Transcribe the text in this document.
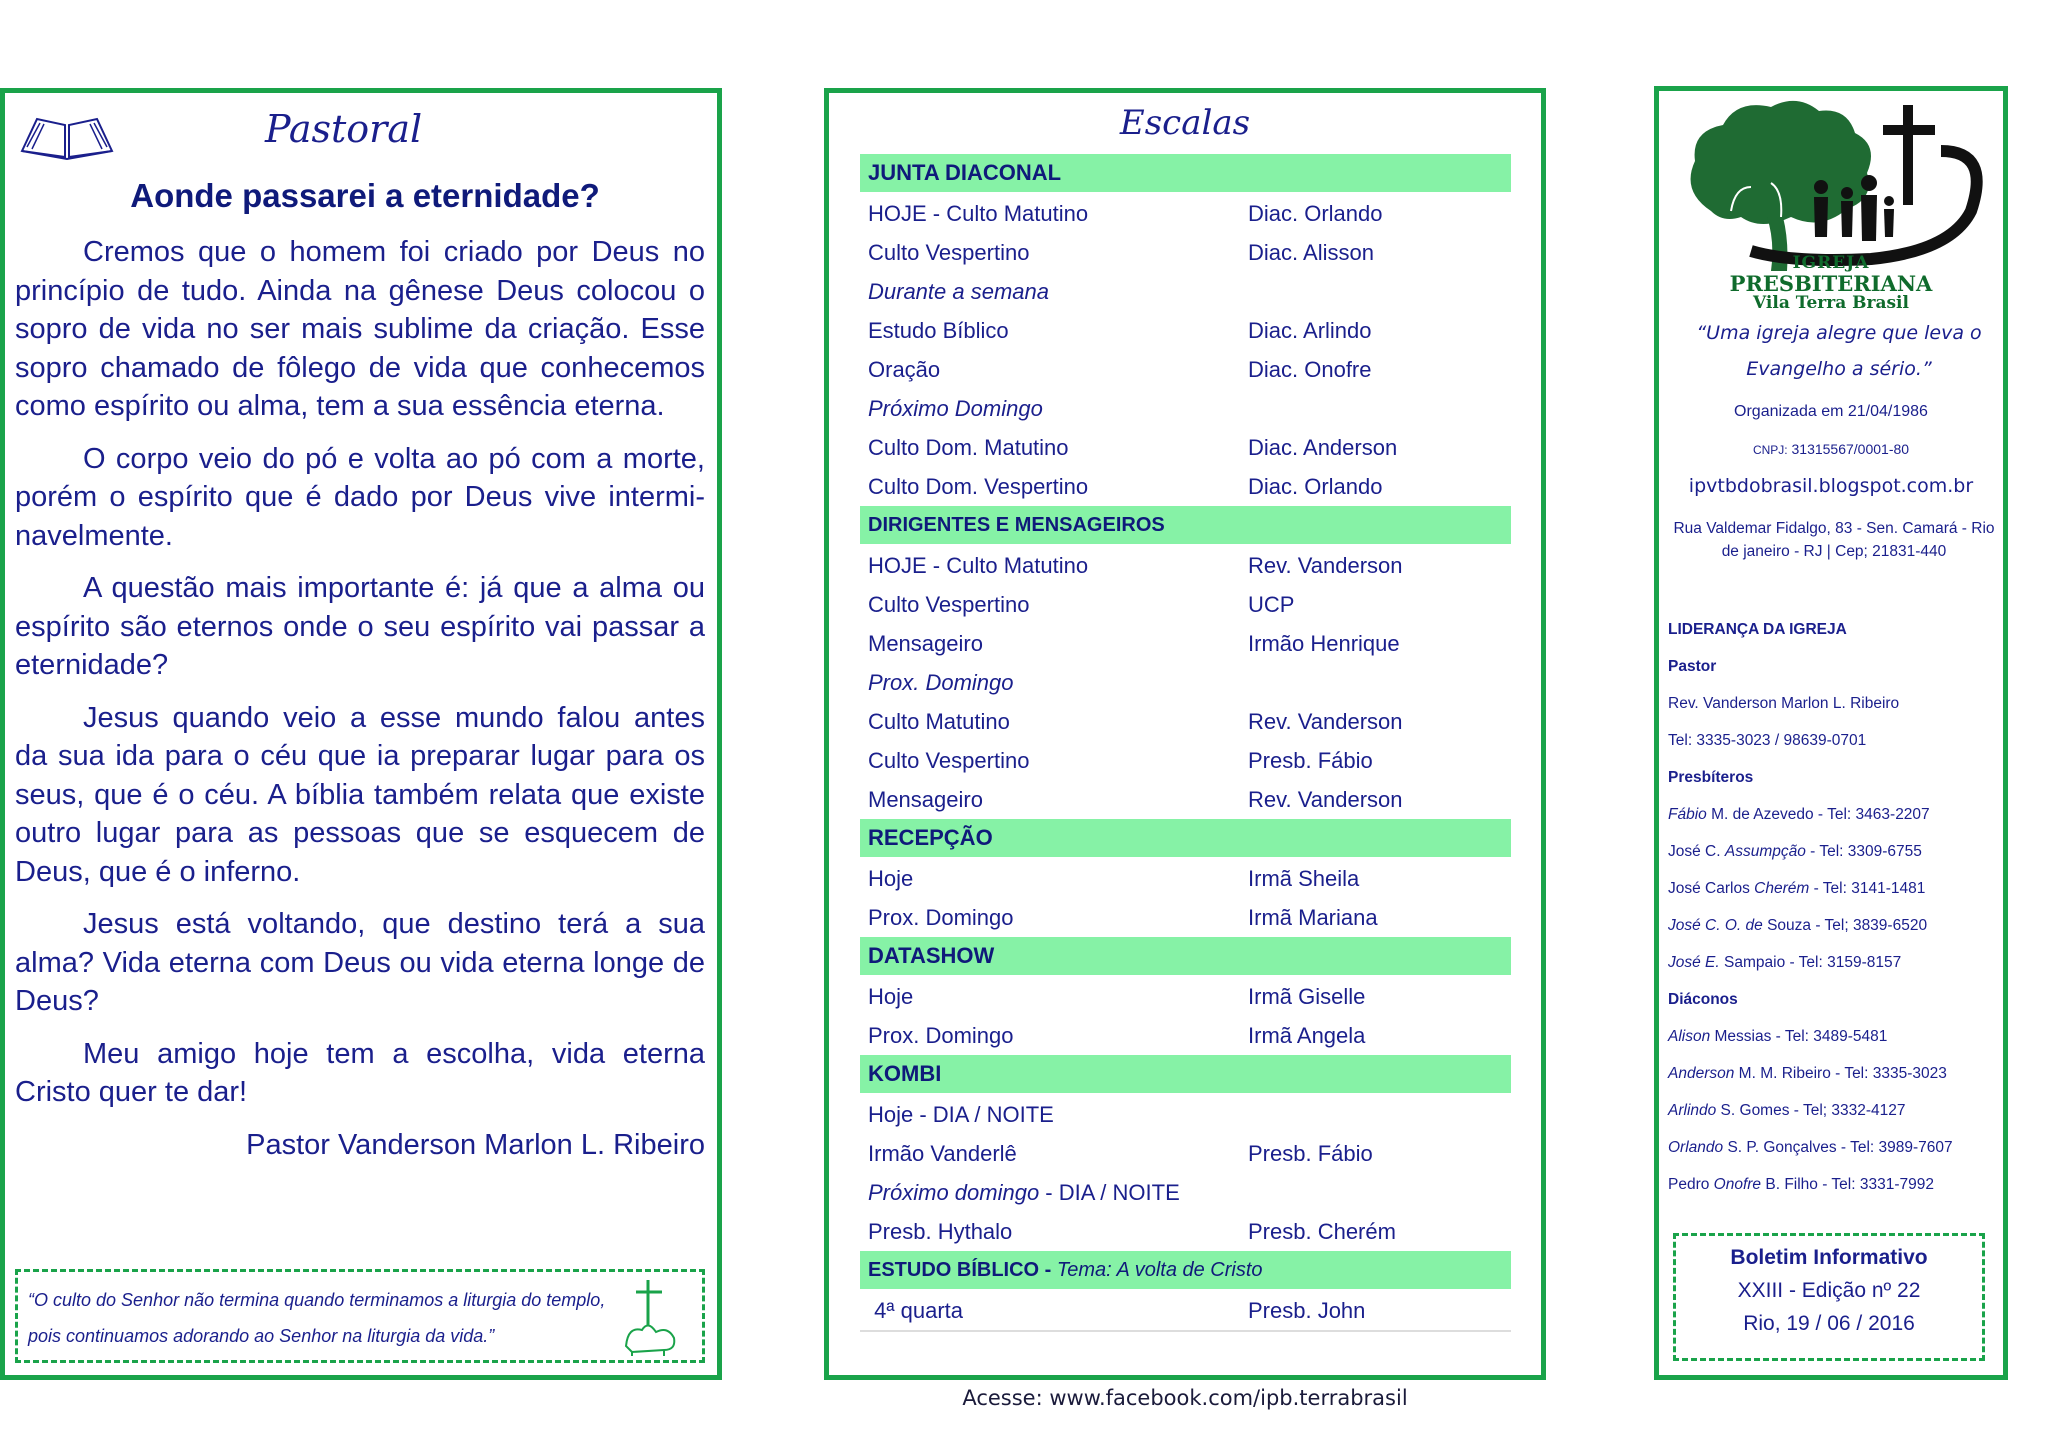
Pastoral
Aonde passarei a eternidade?

Cremos que o homem foi criado por Deus no princípio de tudo. Ainda na gênese Deus colocou o sopro de vida no ser mais sublime da criação. Esse sopro chamado de fôlego de vida que conhecemos como espírito ou alma, tem a sua essência eterna.

O corpo veio do pó e volta ao pó com a morte, porém o espírito que é dado por Deus vive intermi-navelmente.

A questão mais importante é: já que a alma ou espírito são eternos onde o seu espírito vai passar a eternidade?

Jesus quando veio a esse mundo falou antes da sua ida para o céu que ia preparar lugar para os seus, que é o céu. A bíblia também relata que existe outro lugar para as pessoas que se esquecem de Deus, que é o inferno.

Jesus está voltando, que destino terá a sua alma? Vida eterna com Deus ou vida eterna longe de Deus?

Meu amigo hoje tem a escolha, vida eterna Cristo quer te dar!

Pastor Vanderson Marlon L. Ribeiro

“O culto do Senhor não termina quando terminamos a liturgia do templo, pois continuamos adorando ao Senhor na liturgia da vida.”
Escalas
JUNTA DIACONAL
HOJE - Culto Matutino	Diac. Orlando
Culto Vespertino	Diac. Alisson
Durante a semana
Estudo Bíblico	Diac. Arlindo
Oração	Diac. Onofre
Próximo Domingo
Culto Dom. Matutino	Diac. Anderson
Culto Dom. Vespertino	Diac. Orlando
DIRIGENTES E MENSAGEIROS
HOJE - Culto Matutino	Rev. Vanderson
Culto Vespertino	UCP
Mensageiro	Irmão Henrique
Prox. Domingo
Culto Matutino	Rev. Vanderson
Culto Vespertino	Presb. Fábio
Mensageiro	Rev. Vanderson
RECEPÇÃO
Hoje	Irmã Sheila
Prox. Domingo	Irmã Mariana
DATASHOW
Hoje	Irmã Giselle
Prox. Domingo	Irmã Angela
KOMBI
Hoje - DIA / NOITE
Irmão Vanderlê	Presb. Fábio
Próximo domingo - DIA / NOITE
Presb. Hythalo	Presb. Cherém
ESTUDO BÍBLICO - Tema: A volta de Cristo
4ª quarta	Presb. John
Acesse: www.facebook.com/ipb.terrabrasil
IGREJA
PRESBITERIANA
Vila Terra Brasil
“Uma igreja alegre que leva o Evangelho a sério.”
Organizada em 21/04/1986
CNPJ: 31315567/0001-80
ipvtbdobrasil.blogspot.com.br
Rua Valdemar Fidalgo, 83 - Sen. Camará - Rio de janeiro - RJ | Cep; 21831-440
LIDERANÇA DA IGREJA
Pastor
Rev. Vanderson Marlon L. Ribeiro
Tel: 3335-3023 / 98639-0701
Presbíteros
Fábio M. de Azevedo - Tel: 3463-2207
José C. Assumpção - Tel: 3309-6755
José Carlos Cherém - Tel: 3141-1481
José C. O. de Souza - Tel; 3839-6520
José E. Sampaio - Tel: 3159-8157
Diáconos
Alison Messias - Tel: 3489-5481
Anderson M. M. Ribeiro - Tel: 3335-3023
Arlindo S. Gomes - Tel; 3332-4127
Orlando S. P. Gonçalves - Tel: 3989-7607
Pedro Onofre B. Filho - Tel: 3331-7992
Boletim Informativo
XXIII - Edição nº 22
Rio, 19 / 06 / 2016
